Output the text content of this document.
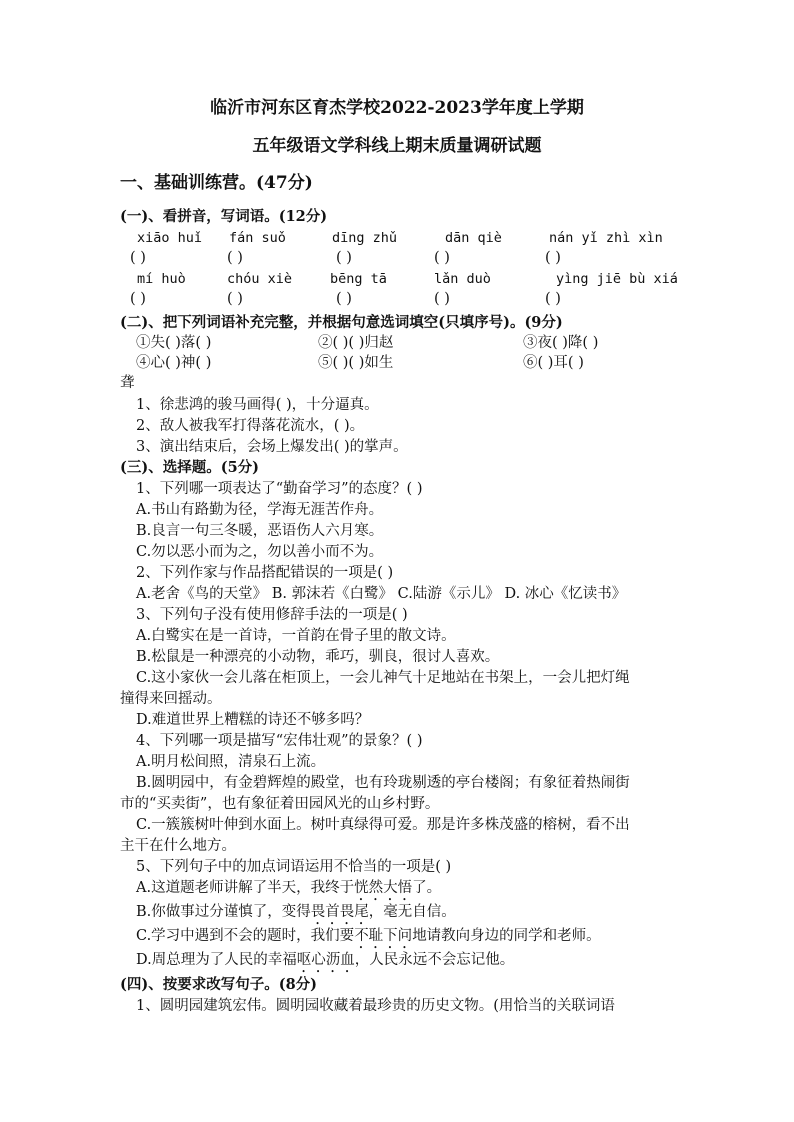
临沂市河东区育杰学校2022-2023学年度上学期
五年级语文学科线上期末质量调研试题
一、基础训练营。(47分)
(一)、看拼音，写词语。(12分)
xiāo huǐ fán suǒ	dīng zhǔ	dān qiè	nán yǐ zhì xìn
( )	( )	( )	( )	( )
mí huò	chóu xiè	bēng tā	lǎn duò	yìng jiē bù xiá
( )	( )	( )	( )	( )
(二)、把下列词语补充完整，并根据句意选词填空(只填序号)。(9分)
①失( )落( )	②( )( )归赵	③夜( )降( )
④心( )神( )	⑤( )( )如生	⑥( )耳( )
聋
1、徐悲鸿的骏马画得( )，十分逼真。
2、敌人被我军打得落花流水，( )。
3、演出结束后，会场上爆发出( )的掌声。
(三)、选择题。(5分)
1、下列哪一项表达了“勤奋学习”的态度？( )
A.书山有路勤为径，学海无涯苦作舟。
B.良言一句三冬暖，恶语伤人六月寒。
C.勿以恶小而为之，勿以善小而不为。
2、下列作家与作品搭配错误的一项是( )
A.老舍《鸟的天堂》 B. 郭沫若《白鹭》 C.陆游《示儿》 D. 冰心《忆读书》
3、下列句子没有使用修辞手法的一项是( )
A.白鹭实在是一首诗，一首韵在骨子里的散文诗。
B.松鼠是一种漂亮的小动物，乖巧，驯良，很讨人喜欢。
C.这小家伙一会儿落在柜顶上，一会儿神气十足地站在书架上，一会儿把灯绳
撞得来回摇动。
D.难道世界上糟糕的诗还不够多吗？
4、下列哪一项是描写“宏伟壮观”的景象？( )
A.明月松间照，清泉石上流。
B.圆明园中，有金碧辉煌的殿堂，也有玲珑剔透的亭台楼阁；有象征着热闹街
市的“买卖街”，也有象征着田园风光的山乡村野。
C.一簇簇树叶伸到水面上。树叶真绿得可爱。那是许多株茂盛的榕树，看不出
主干在什么地方。
5、下列句子中的加点词语运用不恰当的一项是( )
A.这道题老师讲解了半天，我终于恍然大悟了。
B.你做事过分谨慎了，变得畏首畏尾，毫无自信。
C.学习中遇到不会的题时，我们要不耻下问地请教向身边的同学和老师。
D.周总理为了人民的幸福呕心沥血，人民永远不会忘记他。
(四)、按要求改写句子。(8分)
1、圆明园建筑宏伟。圆明园收藏着最珍贵的历史文物。(用恰当的关联词语
